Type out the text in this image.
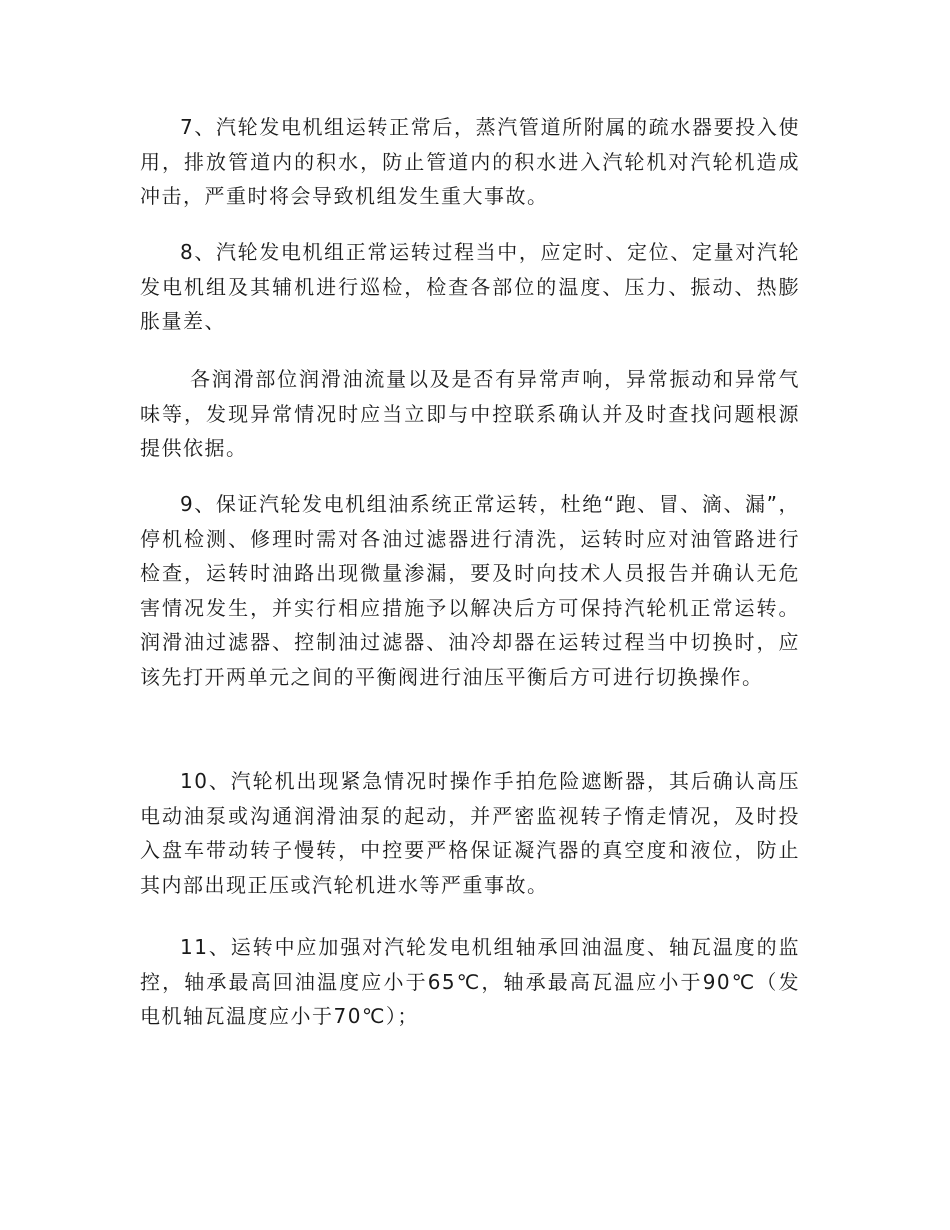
7、汽轮发电机组运转正常后，蒸汽管道所附属的疏水器要投入使用，排放管道内的积水，防止管道内的积水进入汽轮机对汽轮机造成冲击，严重时将会导致机组发生重大事故。

8、汽轮发电机组正常运转过程当中，应定时、定位、定量对汽轮发电机组及其辅机进行巡检，检查各部位的温度、压力、振动、热膨胀量差、

各润滑部位润滑油流量以及是否有异常声响，异常振动和异常气味等，发现异常情况时应当立即与中控联系确认并及时查找问题根源提供依据。

9、保证汽轮发电机组油系统正常运转，杜绝“跑、冒、滴、漏”，停机检测、修理时需对各油过滤器进行清洗，运转时应对油管路进行检查，运转时油路出现微量渗漏，要及时向技术人员报告并确认无危害情况发生，并实行相应措施予以解决后方可保持汽轮机正常运转。润滑油过滤器、控制油过滤器、油冷却器在运转过程当中切换时，应该先打开两单元之间的平衡阀进行油压平衡后方可进行切换操作。

10、汽轮机出现紧急情况时操作手拍危险遮断器，其后确认高压电动油泵或沟通润滑油泵的起动，并严密监视转子惰走情况，及时投入盘车带动转子慢转，中控要严格保证凝汽器的真空度和液位，防止其内部出现正压或汽轮机进水等严重事故。

11、运转中应加强对汽轮发电机组轴承回油温度、轴瓦温度的监控，轴承最高回油温度应小于65℃，轴承最高瓦温应小于90℃（发电机轴瓦温度应小于70℃）；
